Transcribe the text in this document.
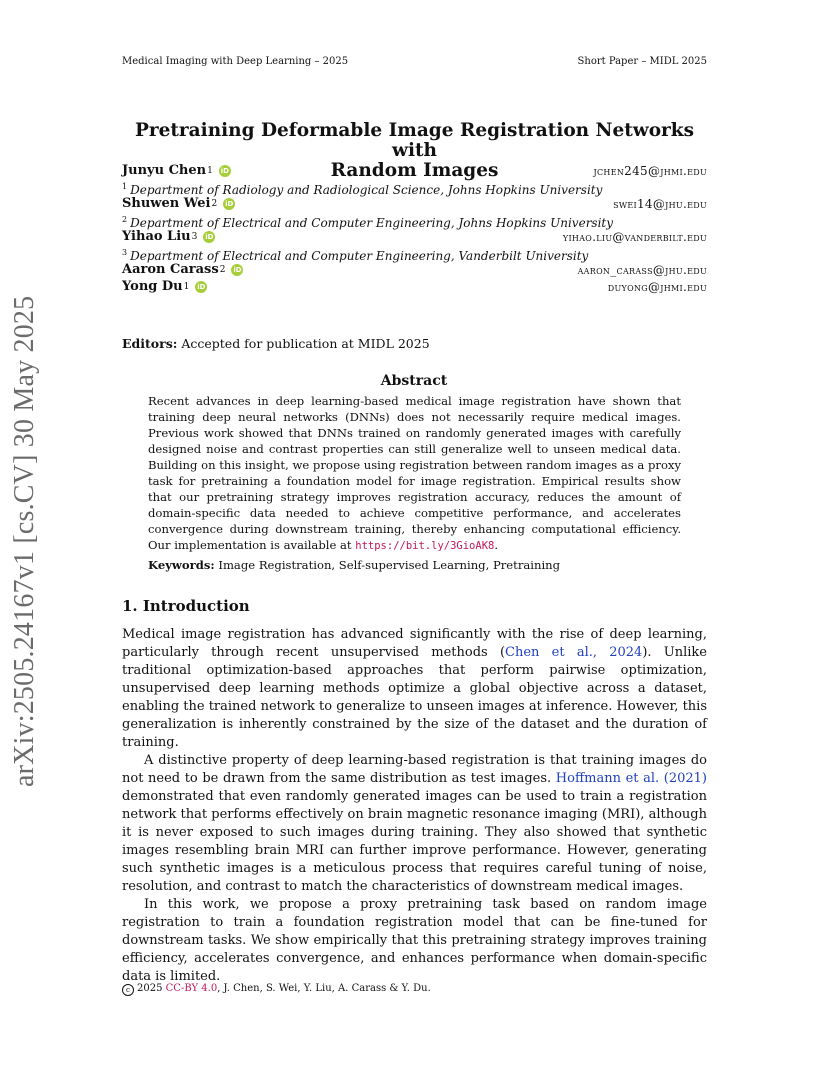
Medical Imaging with Deep Learning – 2025	Short Paper – MIDL 2025
arXiv:2505.24167v1 [cs.CV] 30 May 2025
Pretraining Deformable Image Registration Networks with
Random Images
Junyu Chen 1 iD	jchen245@jhmi.edu
$^1$ Department of Radiology and Radiological Science, Johns Hopkins University
Shuwen Wei 2 iD	swei14@jhu.edu
$^2$ Department of Electrical and Computer Engineering, Johns Hopkins University
Yihao Liu 3 iD	yihao.liu@vanderbilt.edu
$^3$ Department of Electrical and Computer Engineering, Vanderbilt University
Aaron Carass 2 iD	aaron_carass@jhu.edu
Yong Du 1 iD	duyong@jhmi.edu
Editors: Accepted for publication at MIDL 2025
Abstract
Recent advances in deep learning-based medical image registration have shown that training deep neural networks (DNNs) does not necessarily require medical images. Previous work showed that DNNs trained on randomly generated images with carefully designed noise and contrast properties can still generalize well to unseen medical data. Building on this insight, we propose using registration between random images as a proxy task for pretraining a foundation model for image registration. Empirical results show that our pretraining strategy improves registration accuracy, reduces the amount of domain-specific data needed to achieve competitive performance, and accelerates convergence during downstream training, thereby enhancing computational efficiency. Our implementation is available at https://bit.ly/3GioAK8.
Keywords: Image Registration, Self-supervised Learning, Pretraining
1. Introduction

Medical image registration has advanced significantly with the rise of deep learning, particularly through recent unsupervised methods (Chen et al., 2024). Unlike traditional optimization-based approaches that perform pairwise optimization, unsupervised deep learning methods optimize a global objective across a dataset, enabling the trained network to generalize to unseen images at inference. However, this generalization is inherently constrained by the size of the dataset and the duration of training.

A distinctive property of deep learning-based registration is that training images do not need to be drawn from the same distribution as test images. Hoffmann et al. (2021) demonstrated that even randomly generated images can be used to train a registration network that performs effectively on brain magnetic resonance imaging (MRI), although it is never exposed to such images during training. They also showed that synthetic images resembling brain MRI can further improve performance. However, generating such synthetic images is a meticulous process that requires careful tuning of noise, resolution, and contrast to match the characteristics of downstream medical images.

In this work, we propose a proxy pretraining task based on random image registration to train a foundation registration model that can be fine-tuned for downstream tasks. We show empirically that this pretraining strategy improves training efficiency, accelerates convergence, and enhances performance when domain-specific data is limited.

c 2025 CC-BY 4.0, J. Chen, S. Wei, Y. Liu, A. Carass & Y. Du.
